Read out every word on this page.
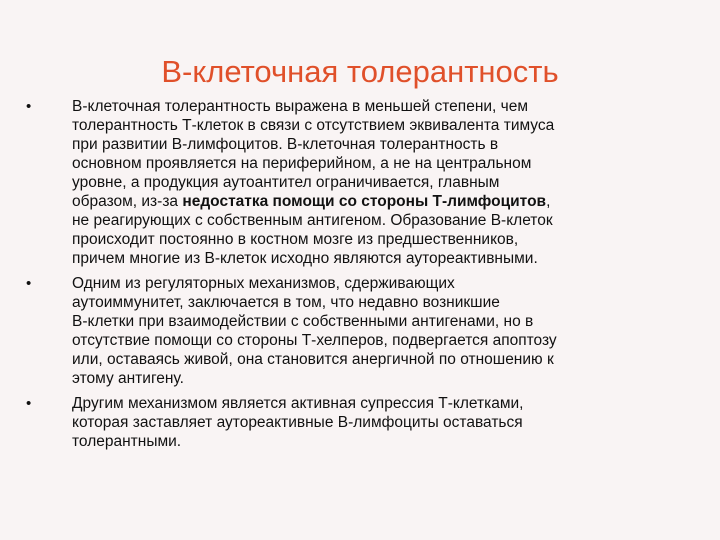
В-клеточная толерантность
•	В-клеточная толерантность выражена в меньшей степени, чем
толерантность Т-клеток в связи с отсутствием эквивалента тимуса
при развитии В-лимфоцитов. В-клеточная толерантность в
основном проявляется на периферийном, а не на центральном
уровне, а продукция аутоантител ограничивается, главным
образом, из-за недостатка помощи со стороны Т-лимфоцитов,
не реагирующих с собственным антигеном. Образование В-клеток
происходит постоянно в костном мозге из предшественников,
причем многие из В-клеток исходно являются аутореактивными.
•	Одним из регуляторных механизмов, сдерживающих
аутоиммунитет, заключается в том, что недавно возникшие
В-клетки при взаимодействии с собственными антигенами, но в
отсутствие помощи со стороны Т-хелперов, подвергается апоптозу
или, оставаясь живой, она становится анергичной по отношению к
этому антигену.
•	Другим механизмом является активная супрессия Т-клетками,
которая заставляет аутореактивные В-лимфоциты оставаться
толерантными.
